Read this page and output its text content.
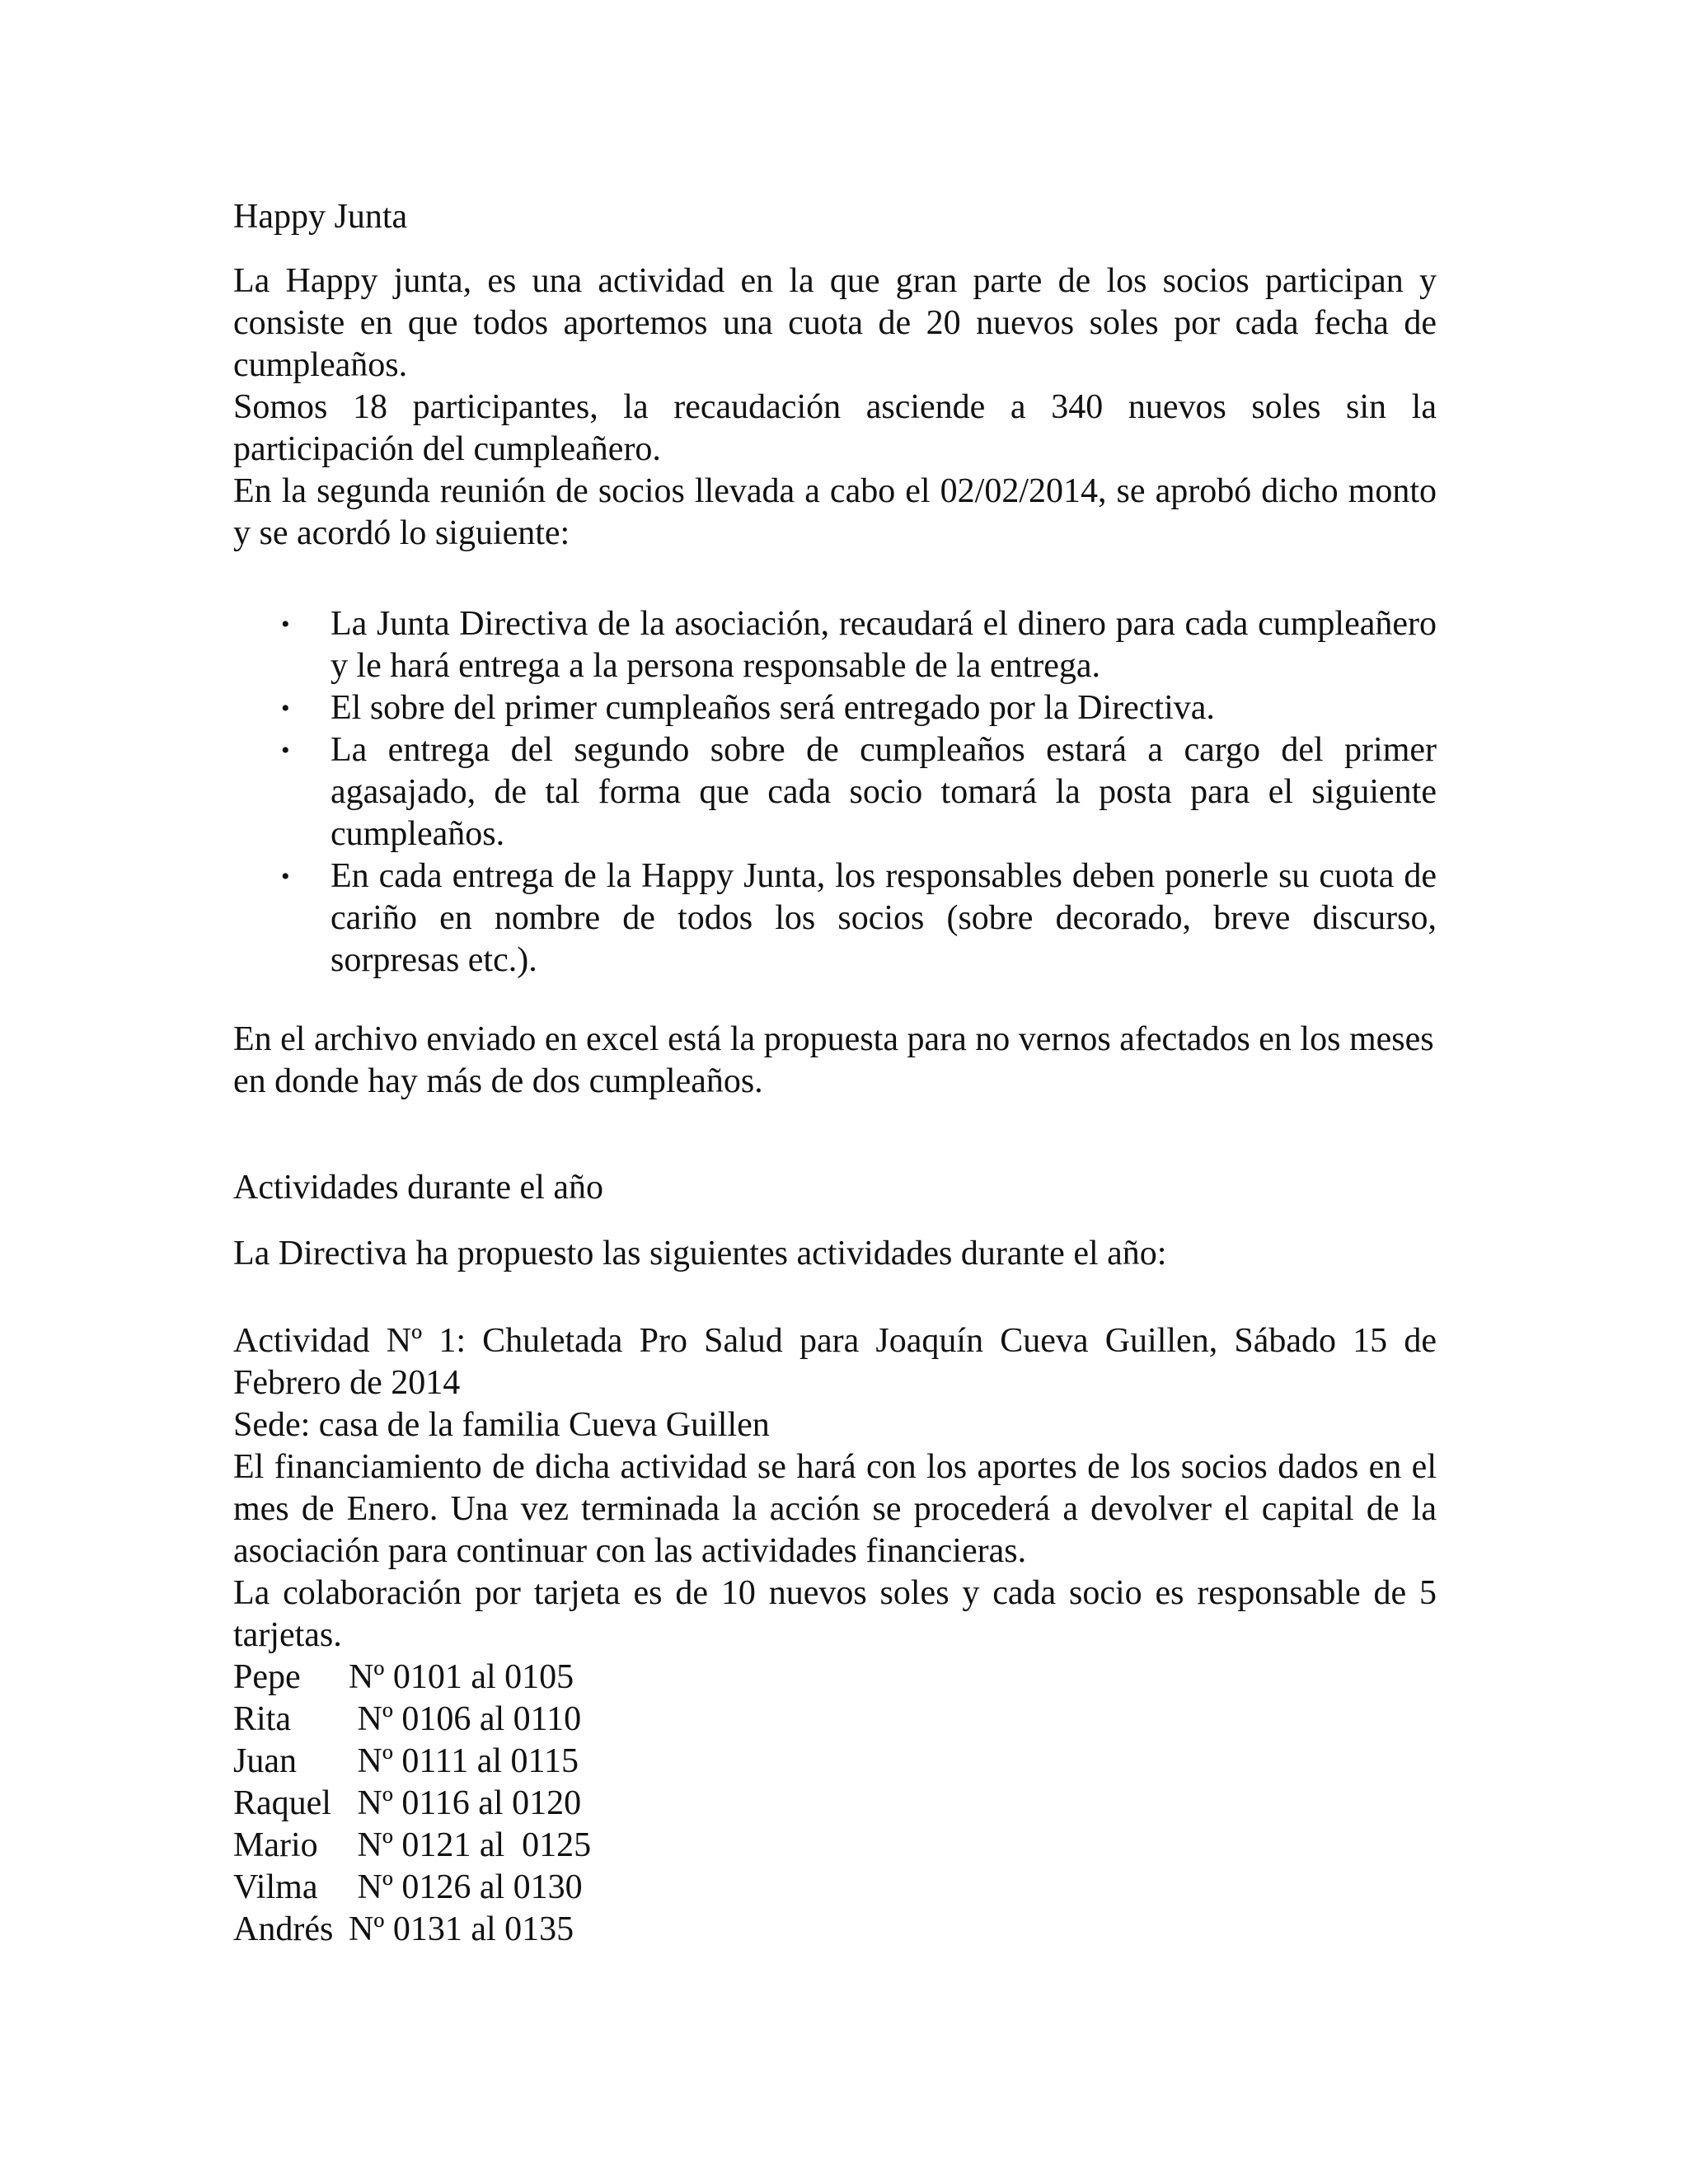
Happy Junta

La Happy junta, es una actividad en la que gran parte de los socios participan y consiste en que todos aportemos una cuota de 20 nuevos soles por cada fecha de cumpleaños.

Somos 18 participantes, la recaudación asciende a 340 nuevos soles sin la participación del cumpleañero.

En la segunda reunión de socios llevada a cabo el 02/02/2014, se aprobó dicho monto y se acordó lo siguiente:

• La Junta Directiva de la asociación, recaudará el dinero para cada cumpleañero y le hará entrega a la persona responsable de la entrega.
• El sobre del primer cumpleaños será entregado por la Directiva.
• La entrega del segundo sobre de cumpleaños estará a cargo del primer agasajado, de tal forma que cada socio tomará la posta para el siguiente cumpleaños.
• En cada entrega de la Happy Junta, los responsables deben ponerle su cuota de cariño en nombre de todos los socios (sobre decorado, breve discurso, sorpresas etc.).

En el archivo enviado en excel está la propuesta para no vernos afectados en los meses en donde hay más de dos cumpleaños.

Actividades durante el año

La Directiva ha propuesto las siguientes actividades durante el año:

Actividad Nº 1: Chuletada Pro Salud para Joaquín Cueva Guillen, Sábado 15 de Febrero de 2014

Sede: casa de la familia Cueva Guillen

El financiamiento de dicha actividad se hará con los aportes de los socios dados en el mes de Enero. Una vez terminada la acción se procederá a devolver el capital de la asociación para continuar con las actividades financieras.

La colaboración por tarjeta es de 10 nuevos soles y cada socio es responsable de 5 tarjetas.

Pepe	Nº 0101 al 0105
Rita	Nº 0106 al 0110
Juan	Nº 0111 al 0115
Raquel Nº 0116 al 0120
Mario Nº 0121 al  0125
Vilma Nº 0126 al 0130
Andrés Nº 0131 al 0135
